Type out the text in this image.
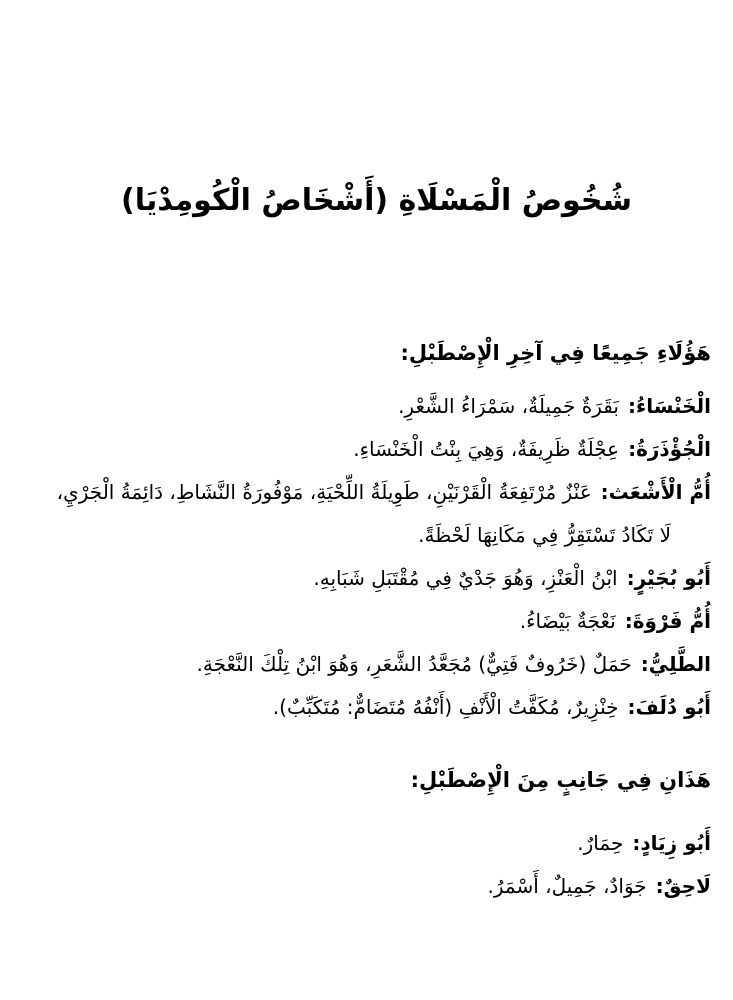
شُخُوصُ الْمَسْلَاةِ (أَشْخَاصُ الْكُومِدْيَا)

هَؤُلَاءِ جَمِيعًا فِي آخِرِ الْإِصْطَبْلِ:

الْخَنْسَاءُ:بَقَرَةٌ جَمِيلَةٌ، سَمْرَاءُ الشَّعْرِ.

الْجُؤْذَرَةُ:عِجْلَةٌ ظَرِيفَةٌ، وَهِيَ بِنْتُ الْخَنْسَاءِ.

أُمُّ الْأَشْعَث:عَنْزٌ مُرْتَفِعَةُ الْقَرْنَيْنِ، طَوِيلَةُ اللِّحْيَةِ، مَوْفُورَةُ النَّشَاطِ، دَائِمَةُ الْجَرْيِ، لَا تَكَادُ تَسْتَقِرُّ فِي مَكَانِهَا لَحْظَةً.

أَبُو بُجَيْرٍ:ابْنُ الْعَنْزِ، وَهُوَ جَدْيٌ فِي مُقْتَبَلِ شَبَابِهِ.

أُمُّ فَرْوَةَ:نَعْجَةٌ بَيْضَاءُ.

الطَّلِيُّ:حَمَلٌ (خَرُوفٌ فَتِيٌّ) مُجَعَّدُ الشَّعَرِ، وَهُوَ ابْنُ تِلْكَ النَّعْجَةِ.

أَبُو دُلَفَ:خِنْزِيرٌ، مُكَفَّتُ الْأَنْفِ (أَنْفُهُ مُتَضَامٌّ: مُتَكَبِّبٌ).

هَذَانِ فِي جَانِبٍ مِنَ الْإِصْطَبْلِ:

أَبُو زِيَادٍ:حِمَارٌ.

لَاحِقٌ:جَوَادٌ، جَمِيلٌ، أَسْمَرُ.
